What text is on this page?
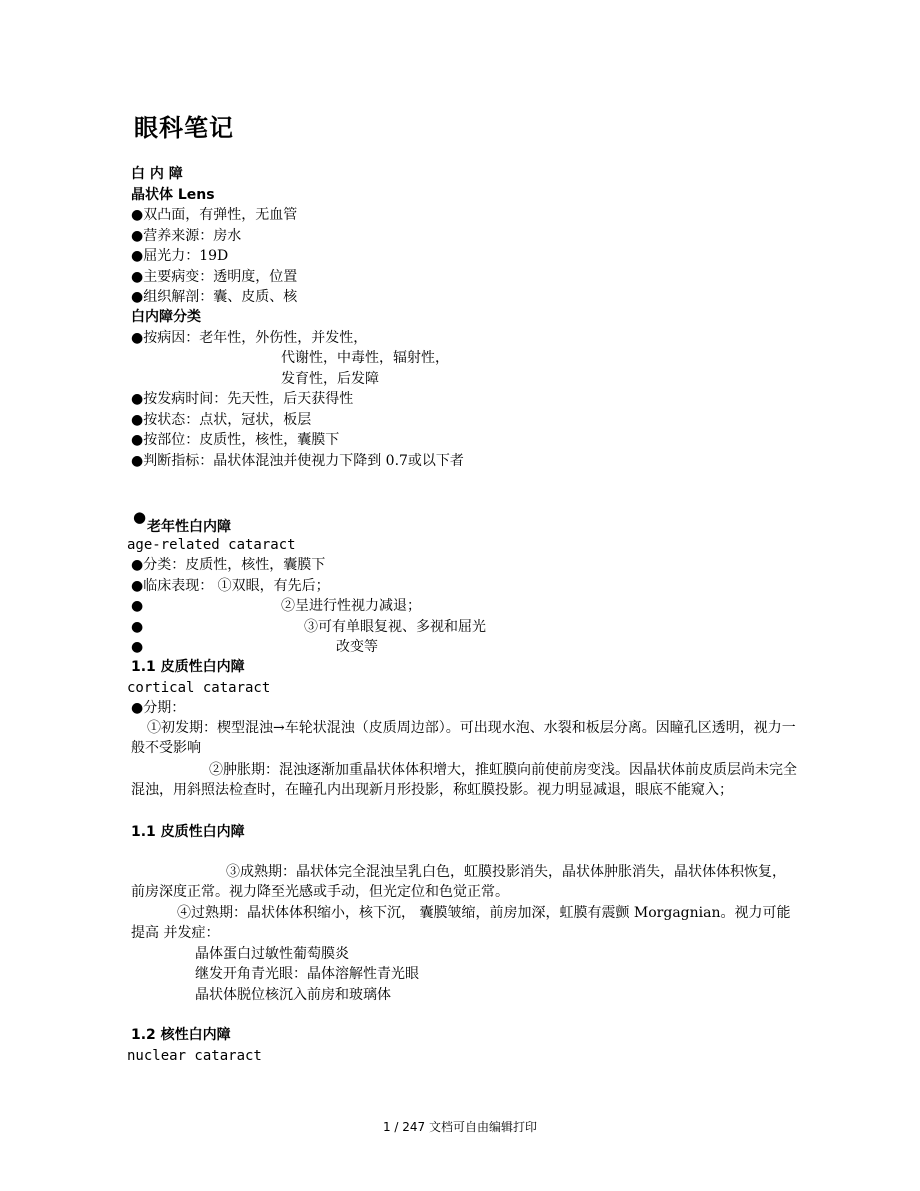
眼科笔记
白 内 障
晶状体 Lens
●双凸面，有弹性，无血管
●营养来源：房水
●屈光力：19D
●主要病变：透明度，位置
●组织解剖：囊、皮质、核
白内障分类
●按病因：老年性，外伤性，并发性，
代谢性，中毒性，辐射性，
发育性，后发障
●按发病时间：先天性，后天获得性
●按状态：点状，冠状，板层
●按部位：皮质性，核性，囊膜下
●判断指标：晶状体混浊并使视力下降到 0.7或以下者
●
老年性白内障
age-related cataract
●分类：皮质性，核性，囊膜下
●临床表现： ①双眼，有先后；
●	②呈进行性视力减退；
●	③可有单眼复视、多视和屈光
●	改变等
1.1 皮质性白内障
cortical cataract
●分期：
①初发期：楔型混浊→车轮状混浊（皮质周边部）。可出现水泡、水裂和板层分离。因瞳孔区透明，视力一般不受影响
②肿胀期：混浊逐渐加重晶状体体积增大，推虹膜向前使前房变浅。因晶状体前皮质层尚未完全混浊，用斜照法检查时，在瞳孔内出现新月形投影，称虹膜投影。视力明显减退，眼底不能窥入；
1.1 皮质性白内障
③成熟期：晶状体完全混浊呈乳白色，虹膜投影消失，晶状体肿胀消失，晶状体体积恢复， 前房深度正常。视力降至光感或手动，但光定位和色觉正常。
④过熟期：晶状体体积缩小，核下沉， 囊膜皱缩，前房加深，虹膜有震颤 Morgagnian。视力可能提高 并发症：
晶体蛋白过敏性葡萄膜炎
继发开角青光眼：晶体溶解性青光眼
晶状体脱位核沉入前房和玻璃体
1.2 核性白内障
nuclear cataract
1 / 247 文档可自由编辑打印
